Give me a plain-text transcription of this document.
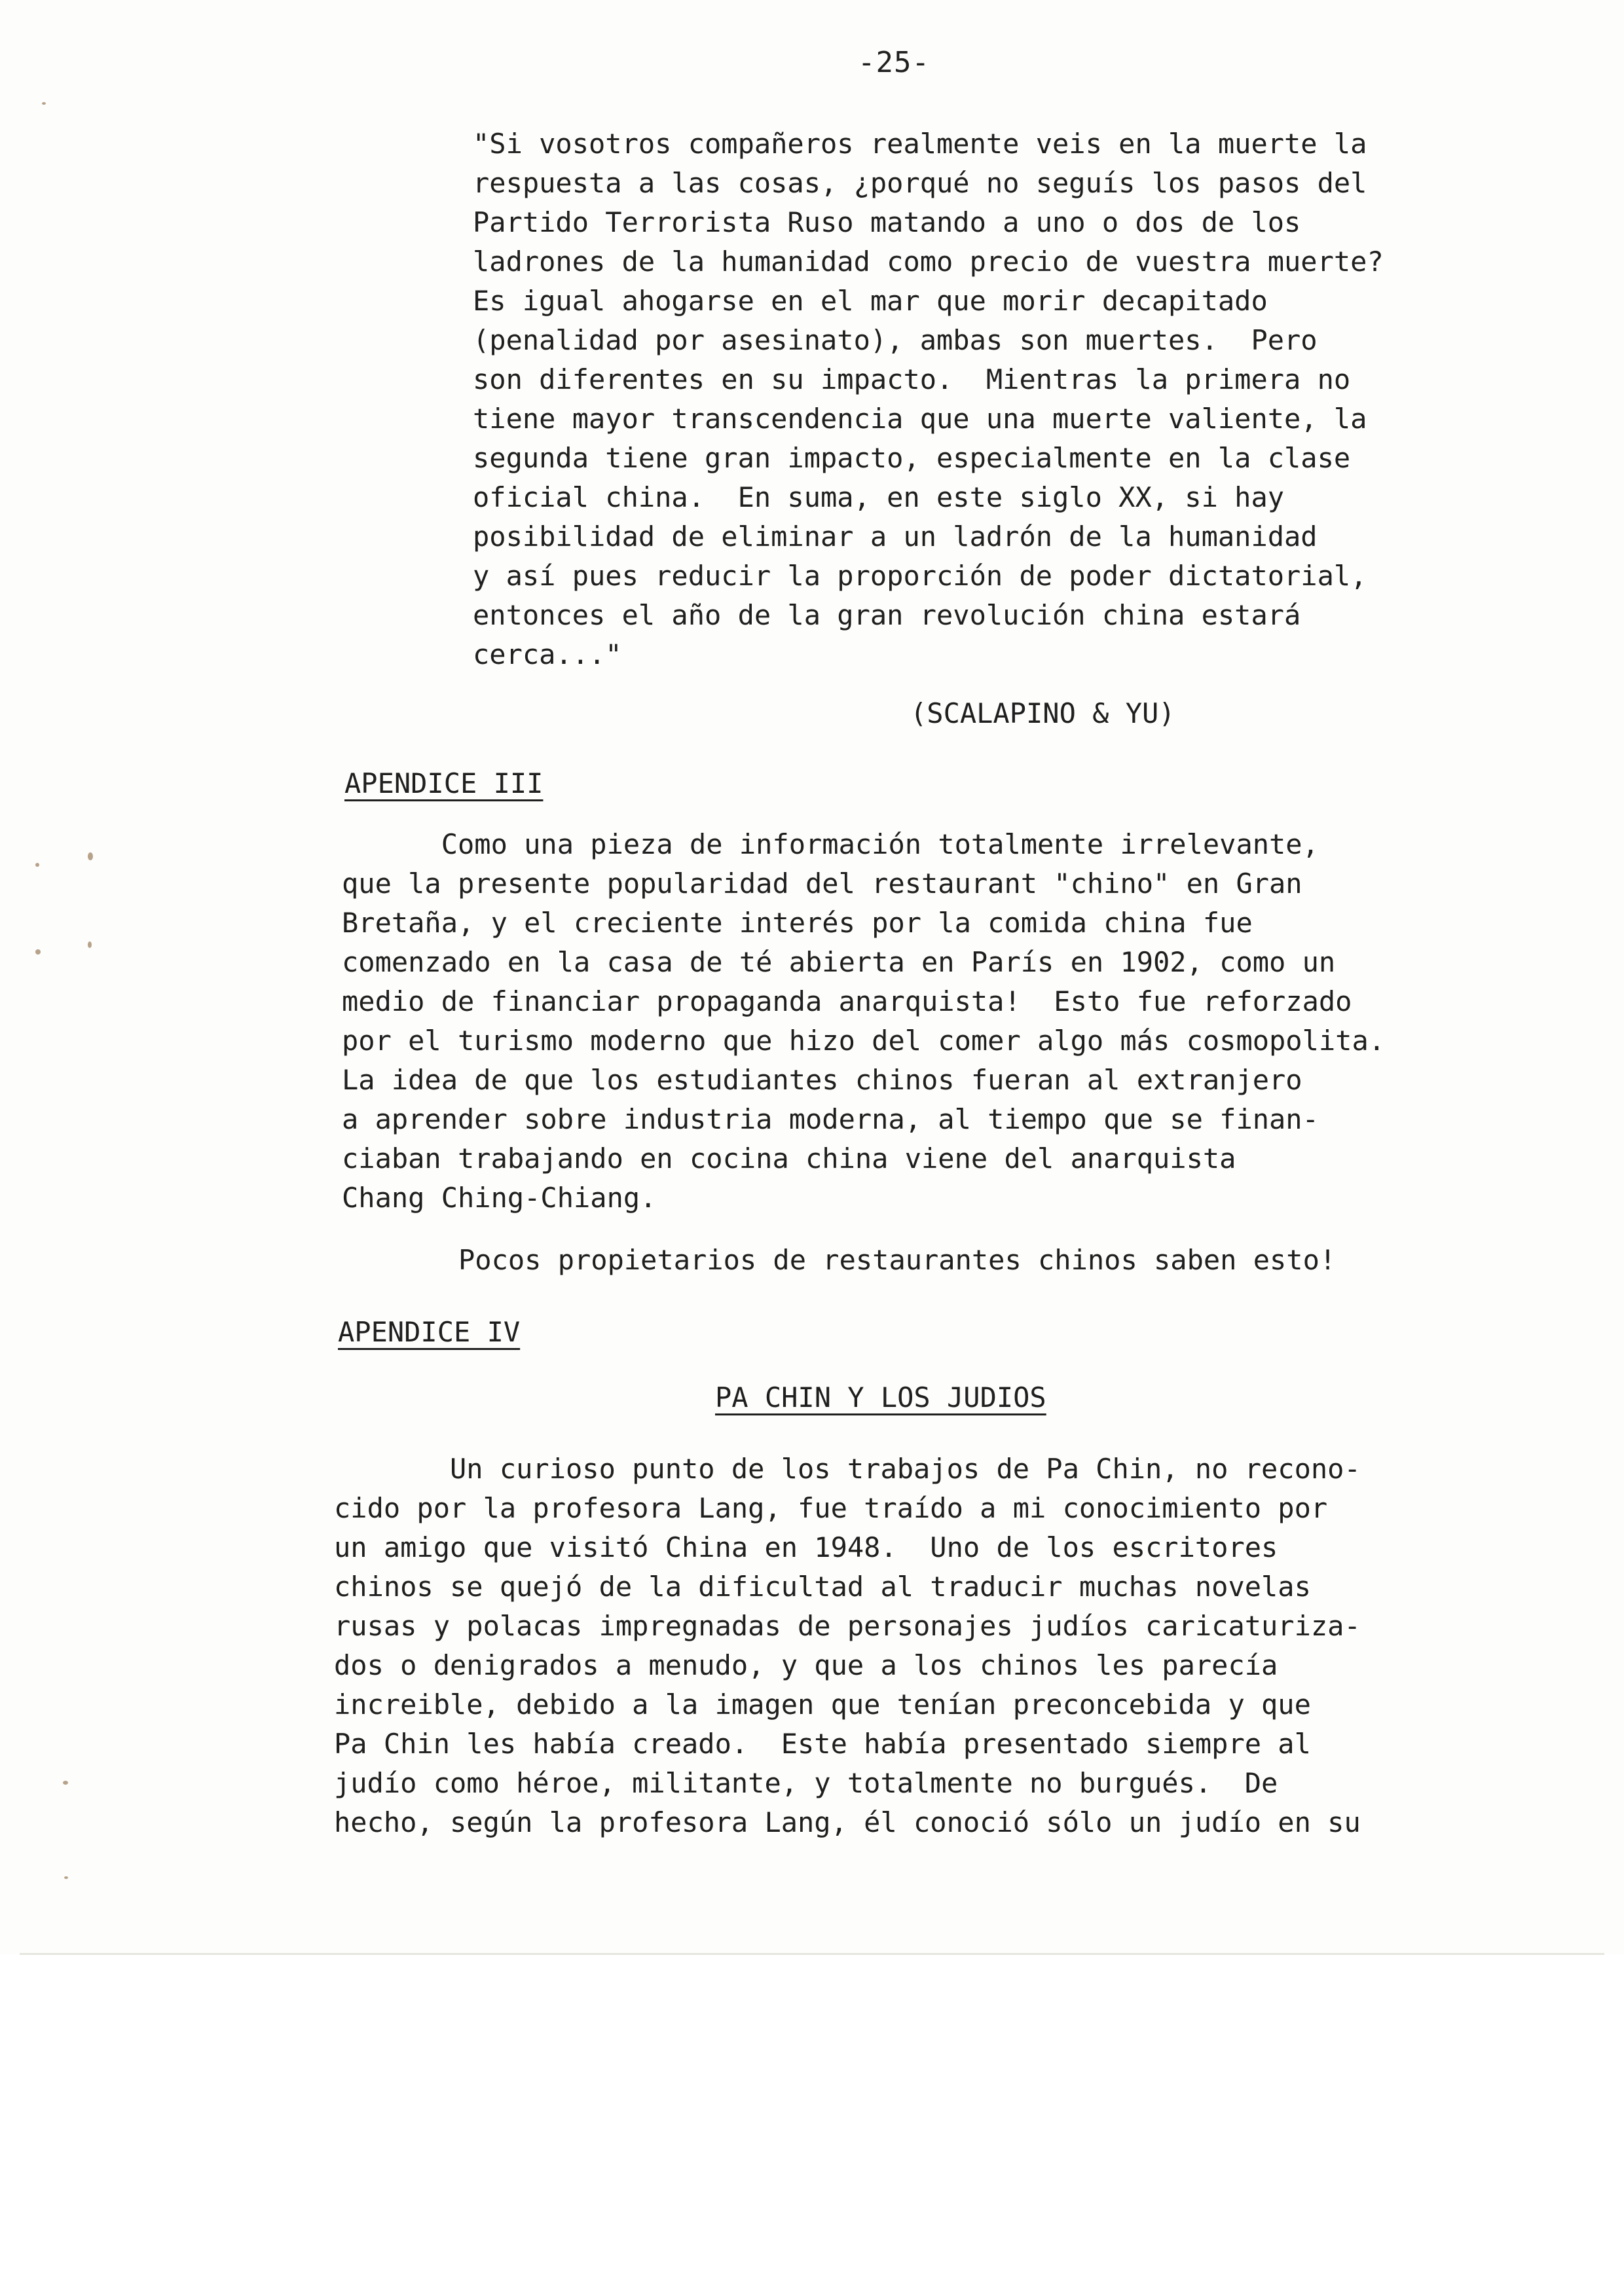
-25-
"Si vosotros compañeros realmente veis en la muerte la
respuesta a las cosas, ¿porqué no seguís los pasos del
Partido Terrorista Ruso matando a uno o dos de los
ladrones de la humanidad como precio de vuestra muerte?
Es igual ahogarse en el mar que morir decapitado
(penalidad por asesinato), ambas son muertes.  Pero
son diferentes en su impacto.  Mientras la primera no
tiene mayor transcendencia que una muerte valiente, la
segunda tiene gran impacto, especialmente en la clase
oficial china.  En suma, en este siglo XX, si hay
posibilidad de eliminar a un ladrón de la humanidad
y así pues reducir la proporción de poder dictatorial,
entonces el año de la gran revolución china estará
cerca..."
(SCALAPINO & YU)
APENDICE III
Como una pieza de información totalmente irrelevante,
que la presente popularidad del restaurant "chino" en Gran
Bretaña, y el creciente interés por la comida china fue
comenzado en la casa de té abierta en París en 1902, como un
medio de financiar propaganda anarquista!  Esto fue reforzado
por el turismo moderno que hizo del comer algo más cosmopolita.
La idea de que los estudiantes chinos fueran al extranjero
a aprender sobre industria moderna, al tiempo que se finan-
ciaban trabajando en cocina china viene del anarquista
Chang Ching-Chiang.
Pocos propietarios de restaurantes chinos saben esto!
APENDICE IV
PA CHIN Y LOS JUDIOS
Un curioso punto de los trabajos de Pa Chin, no recono-
cido por la profesora Lang, fue traído a mi conocimiento por
un amigo que visitó China en 1948.  Uno de los escritores
chinos se quejó de la dificultad al traducir muchas novelas
rusas y polacas impregnadas de personajes judíos caricaturiza-
dos o denigrados a menudo, y que a los chinos les parecía
increible, debido a la imagen que tenían preconcebida y que
Pa Chin les había creado.  Este había presentado siempre al
judío como héroe, militante, y totalmente no burgués.  De
hecho, según la profesora Lang, él conoció sólo un judío en su
